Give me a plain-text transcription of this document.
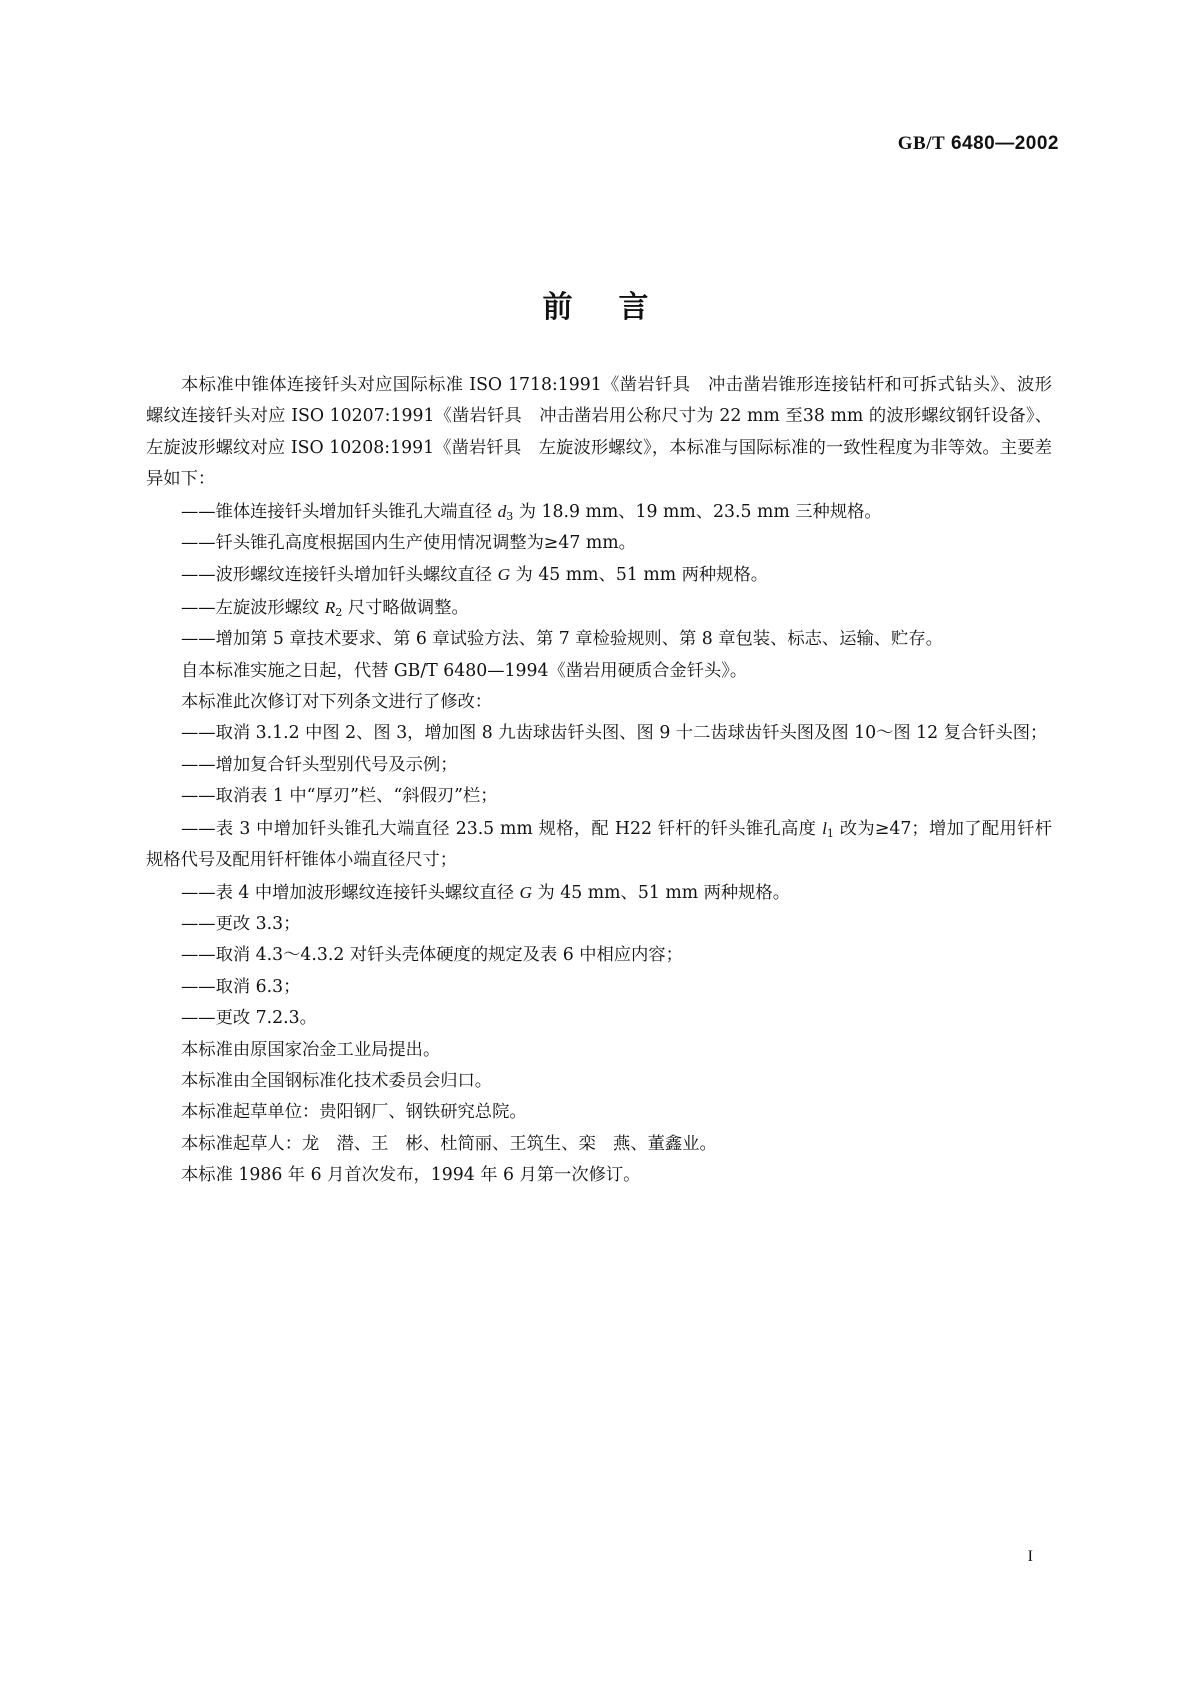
GB/T 6480—2002
前言

本标准中锥体连接钎头对应国际标准 ISO 1718:1991《凿岩钎具　冲击凿岩锥形连接钻杆和可拆式钻头》、波形螺纹连接钎头对应 ISO 10207:1991《凿岩钎具　冲击凿岩用公称尺寸为 22 mm 至38 mm 的波形螺纹钢钎设备》、左旋波形螺纹对应 ISO 10208:1991《凿岩钎具　左旋波形螺纹》，本标准与国际标准的一致性程度为非等效。主要差异如下：

——锥体连接钎头增加钎头锥孔大端直径 $d_3$ 为 18.9 mm、19 mm、23.5 mm 三种规格。

——钎头锥孔高度根据国内生产使用情况调整为≥47 mm。

——波形螺纹连接钎头增加钎头螺纹直径 G 为 45 mm、51 mm 两种规格。

——左旋波形螺纹 $R_2$ 尺寸略做调整。

——增加第 5 章技术要求、第 6 章试验方法、第 7 章检验规则、第 8 章包装、标志、运输、贮存。

自本标准实施之日起，代替 GB/T 6480—1994《凿岩用硬质合金钎头》。

本标准此次修订对下列条文进行了修改：

——取消 3.1.2 中图 2、图 3，增加图 8 九齿球齿钎头图、图 9 十二齿球齿钎头图及图 10～图 12 复合钎头图；

——增加复合钎头型别代号及示例；

——取消表 1 中“厚刃”栏、“斜假刃”栏；

——表 3 中增加钎头锥孔大端直径 23.5 mm 规格，配 H22 钎杆的钎头锥孔高度 $l_1$ 改为≥47；增加了配用钎杆规格代号及配用钎杆锥体小端直径尺寸；

——表 4 中增加波形螺纹连接钎头螺纹直径 G 为 45 mm、51 mm 两种规格。

——更改 3.3；

——取消 4.3～4.3.2 对钎头壳体硬度的规定及表 6 中相应内容；

——取消 6.3；

——更改 7.2.3。

本标准由原国家冶金工业局提出。

本标准由全国钢标准化技术委员会归口。

本标准起草单位：贵阳钢厂、钢铁研究总院。

本标准起草人：龙　潜、王　彬、杜简丽、王筑生、栾　燕、董鑫业。

本标准 1986 年 6 月首次发布，1994 年 6 月第一次修订。

I
